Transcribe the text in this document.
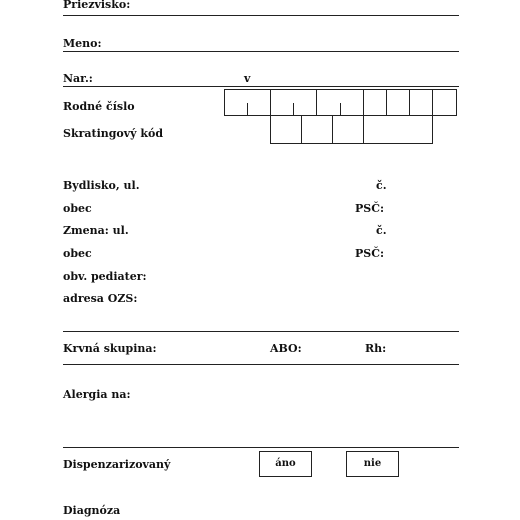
Priezvisko:
Meno:
Nar.:	v
Rodné číslo
Skratingový kód
Bydlisko, ul.	č.
obec	PSČ:
Zmena: ul.	č.
obec	PSČ:
obv. pediater:
adresa OZS:
Krvná skupina:	ABO:	Rh:
Alergia na:
Dispenzarizovaný	áno	nie
Diagnóza
